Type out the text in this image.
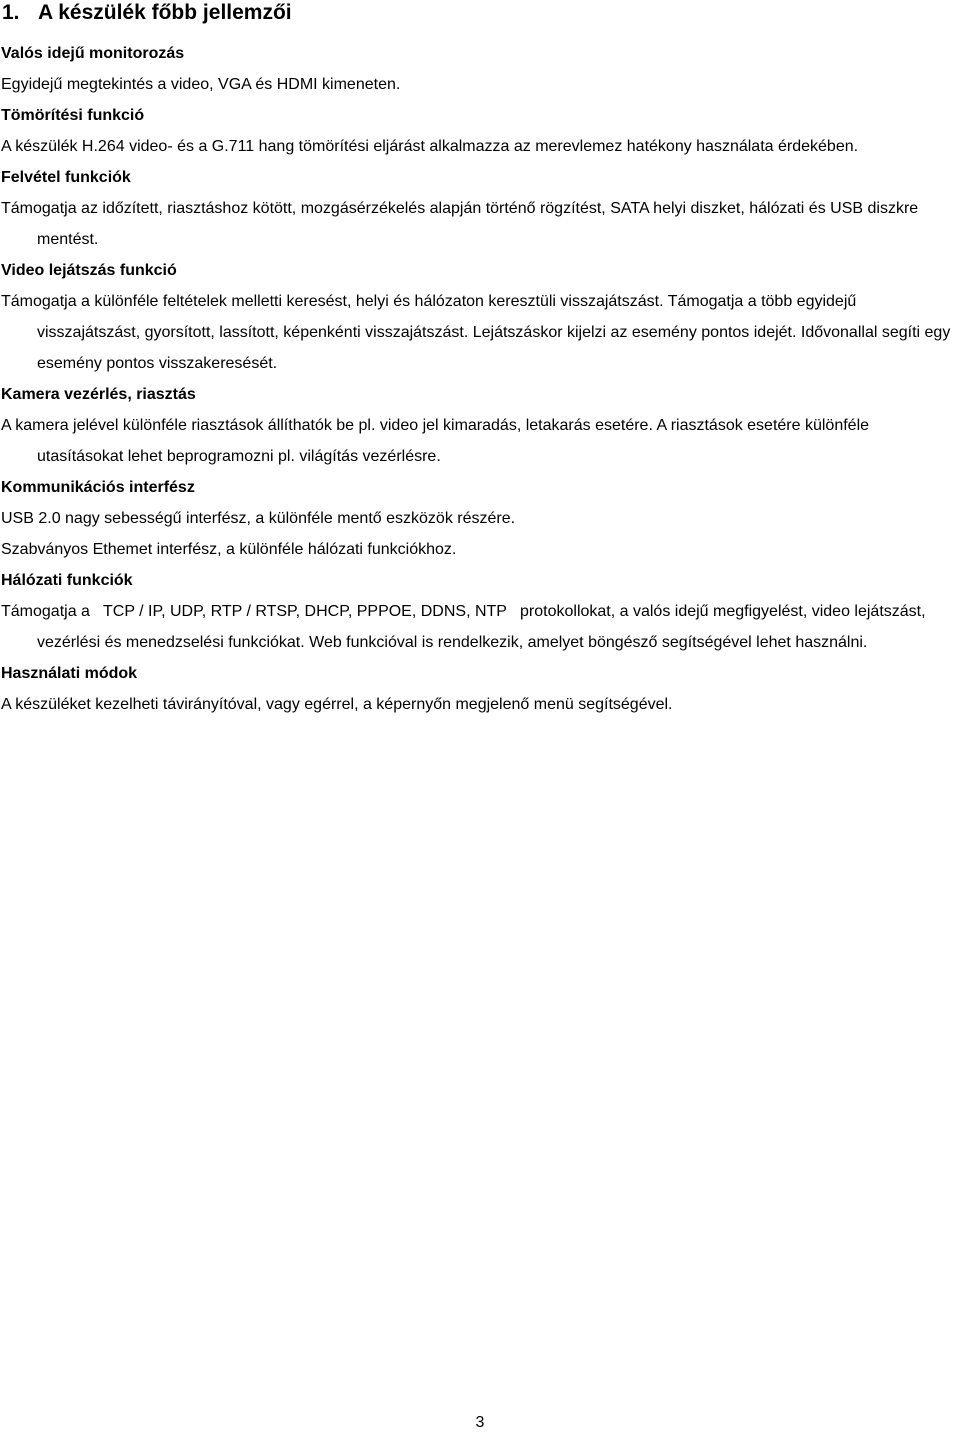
1. A készülék főbb jellemzői

Valós idejű monitorozás

Egyidejű megtekintés a video, VGA és HDMI kimeneten.

Tömörítési funkció

A készülék H.264 video- és a G.711 hang tömörítési eljárást alkalmazza az merevlemez hatékony használata érdekében.

Felvétel funkciók

Támogatja az időzített, riasztáshoz kötött, mozgásérzékelés alapján történő rögzítést, SATA helyi diszket, hálózati és USB diszkre mentést.

Video lejátszás funkció

Támogatja a különféle feltételek melletti keresést, helyi és hálózaton keresztüli visszajátszást. Támogatja a több egyidejű visszajátszást, gyorsított, lassított, képenkénti visszajátszást. Lejátszáskor kijelzi az esemény pontos idejét. Idővonallal segíti egy esemény pontos visszakeresését.

Kamera vezérlés, riasztás

A kamera jelével különféle riasztások állíthatók be pl. video jel kimaradás, letakarás esetére. A riasztások esetére különféle utasításokat lehet beprogramozni pl. világítás vezérlésre.

Kommunikációs interfész

USB 2.0 nagy sebességű interfész, a különféle mentő eszközök részére.

Szabványos Ethemet interfész, a különféle hálózati funkciókhoz.

Hálózati funkciók

Támogatja a   TCP / IP, UDP, RTP / RTSP, DHCP, PPPOE, DDNS, NTP   protokollokat, a valós idejű megfigyelést, video lejátszást, vezérlési és menedzselési funkciókat. Web funkcióval is rendelkezik, amelyet böngésző segítségével lehet használni.

Használati módok

A készüléket kezelheti távirányítóval, vagy egérrel, a képernyőn megjelenő menü segítségével.

3
